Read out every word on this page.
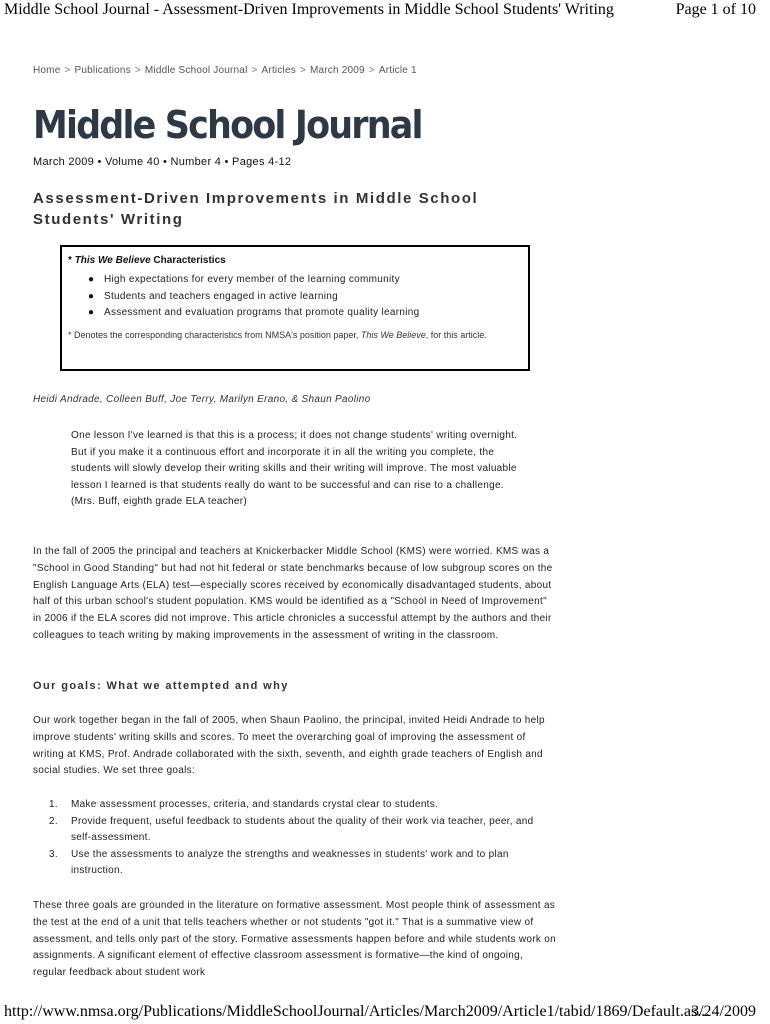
Middle School Journal - Assessment-Driven Improvements in Middle School Students' Writing	Page 1 of 10
Home > Publications > Middle School Journal > Articles > March 2009 > Article 1
Middle School Journal
March 2009 • Volume 40 • Number 4 • Pages 4-12
Assessment-Driven Improvements in Middle School Students' Writing
* This We Believe Characteristics
● High expectations for every member of the learning community
● Students and teachers engaged in active learning
● Assessment and evaluation programs that promote quality learning
* Denotes the corresponding characteristics from NMSA's position paper, This We Believe, for this article.
Heidi Andrade, Colleen Buff, Joe Terry, Marilyn Erano, & Shaun Paolino

One lesson I've learned is that this is a process; it does not change students' writing overnight. But if you make it a continuous effort and incorporate it in all the writing you complete, the students will slowly develop their writing skills and their writing will improve. The most valuable lesson I learned is that students really do want to be successful and can rise to a challenge. (Mrs. Buff, eighth grade ELA teacher)

In the fall of 2005 the principal and teachers at Knickerbacker Middle School (KMS) were worried. KMS was a "School in Good Standing" but had not hit federal or state benchmarks because of low subgroup scores on the English Language Arts (ELA) test—especially scores received by economically disadvantaged students, about half of this urban school's student population. KMS would be identified as a "School in Need of Improvement" in 2006 if the ELA scores did not improve. This article chronicles a successful attempt by the authors and their colleagues to teach writing by making improvements in the assessment of writing in the classroom.

Our goals: What we attempted and why

Our work together began in the fall of 2005, when Shaun Paolino, the principal, invited Heidi Andrade to help improve students' writing skills and scores. To meet the overarching goal of improving the assessment of writing at KMS, Prof. Andrade collaborated with the sixth, seventh, and eighth grade teachers of English and social studies. We set three goals:

1. Make assessment processes, criteria, and standards crystal clear to students.
2. Provide frequent, useful feedback to students about the quality of their work via teacher, peer, and self-assessment.
3. Use the assessments to analyze the strengths and weaknesses in students' work and to plan instruction.

These three goals are grounded in the literature on formative assessment. Most people think of assessment as the test at the end of a unit that tells teachers whether or not students "got it." That is a summative view of assessment, and tells only part of the story. Formative assessments happen before and while students work on assignments. A significant element of effective classroom assessment is formative—the kind of ongoing, regular feedback about student work

http://www.nmsa.org/Publications/MiddleSchoolJournal/Articles/March2009/Article1/tabid/1869/Default.as...
3/24/2009
